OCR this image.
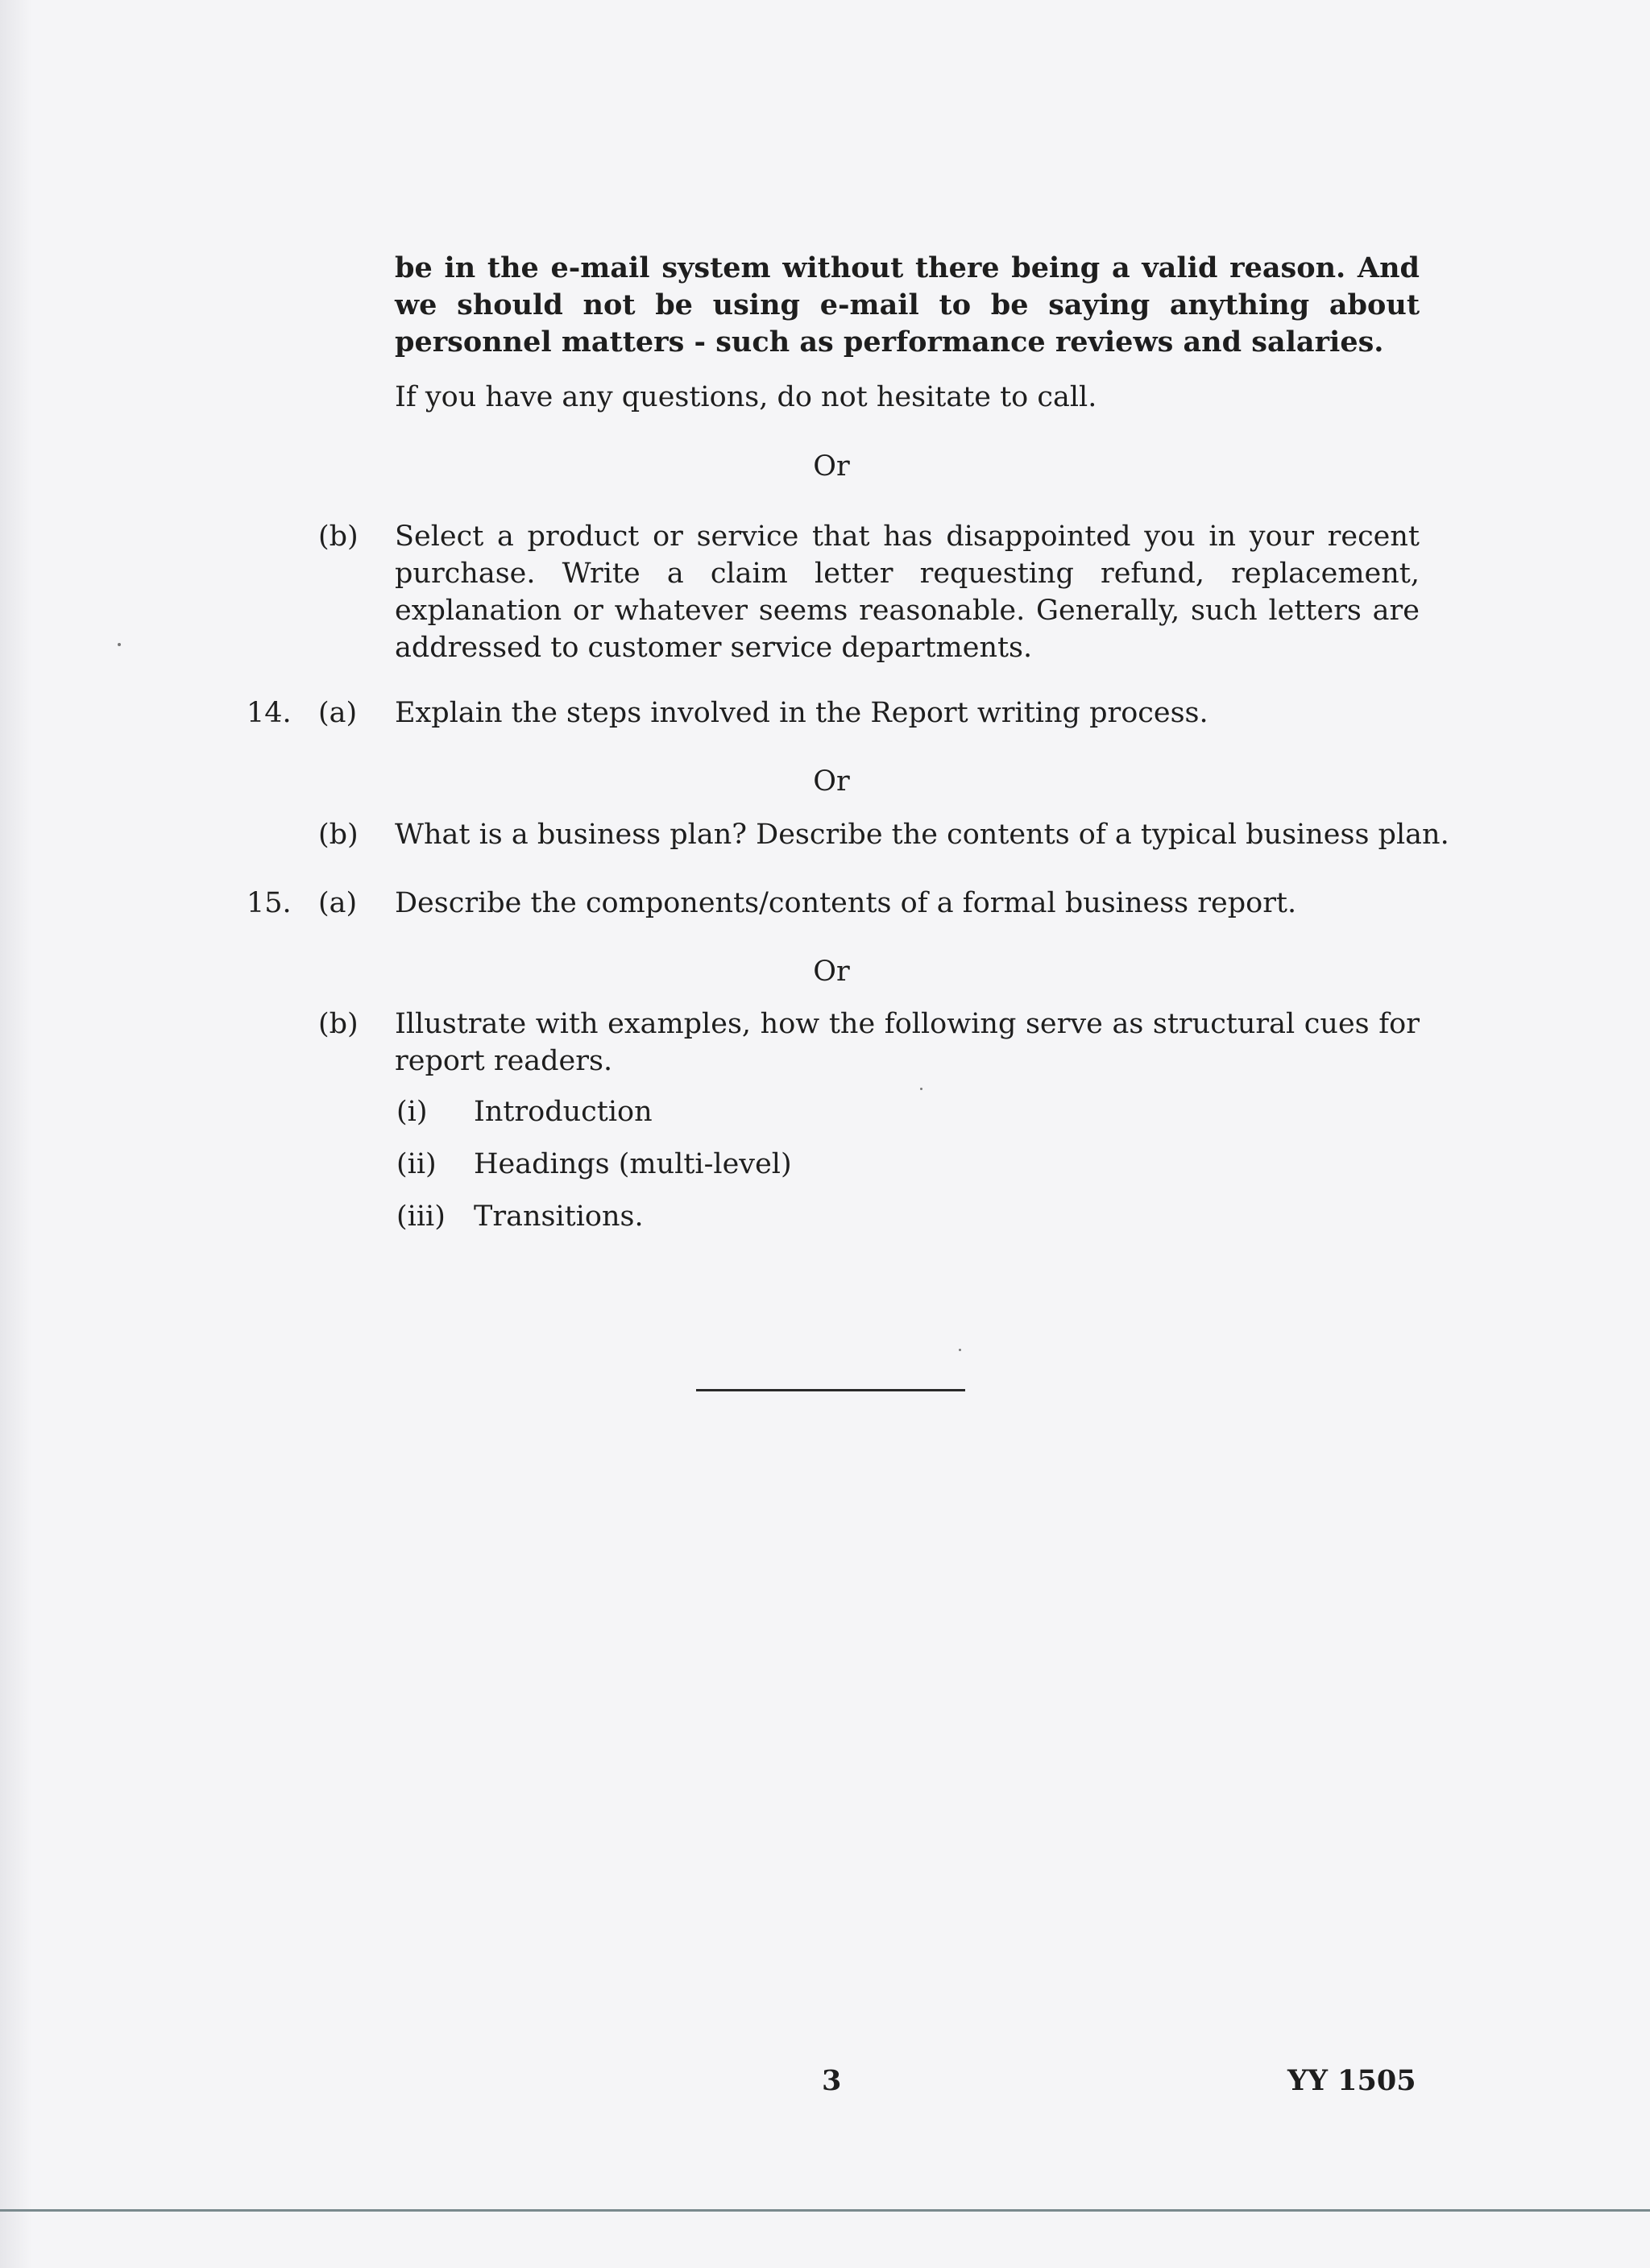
be in the e-mail system without there being a valid reason. And we should not be using e-mail to be saying anything about personnel matters - such as performance reviews and salaries.
If you have any questions, do not hesitate to call.
Or
(b) Select a product or service that has disappointed you in your recent purchase. Write a claim letter requesting refund, replacement, explanation or whatever seems reasonable. Generally, such letters are addressed to customer service departments.
14. (a) Explain the steps involved in the Report writing process.
Or
(b) What is a business plan? Describe the contents of a typical business plan.
15. (a) Describe the components/contents of a formal business report.
Or
(b) Illustrate with examples, how the following serve as structural cues for report readers.
(i) Introduction
(ii) Headings (multi-level)
(iii) Transitions.
3	YY 1505
